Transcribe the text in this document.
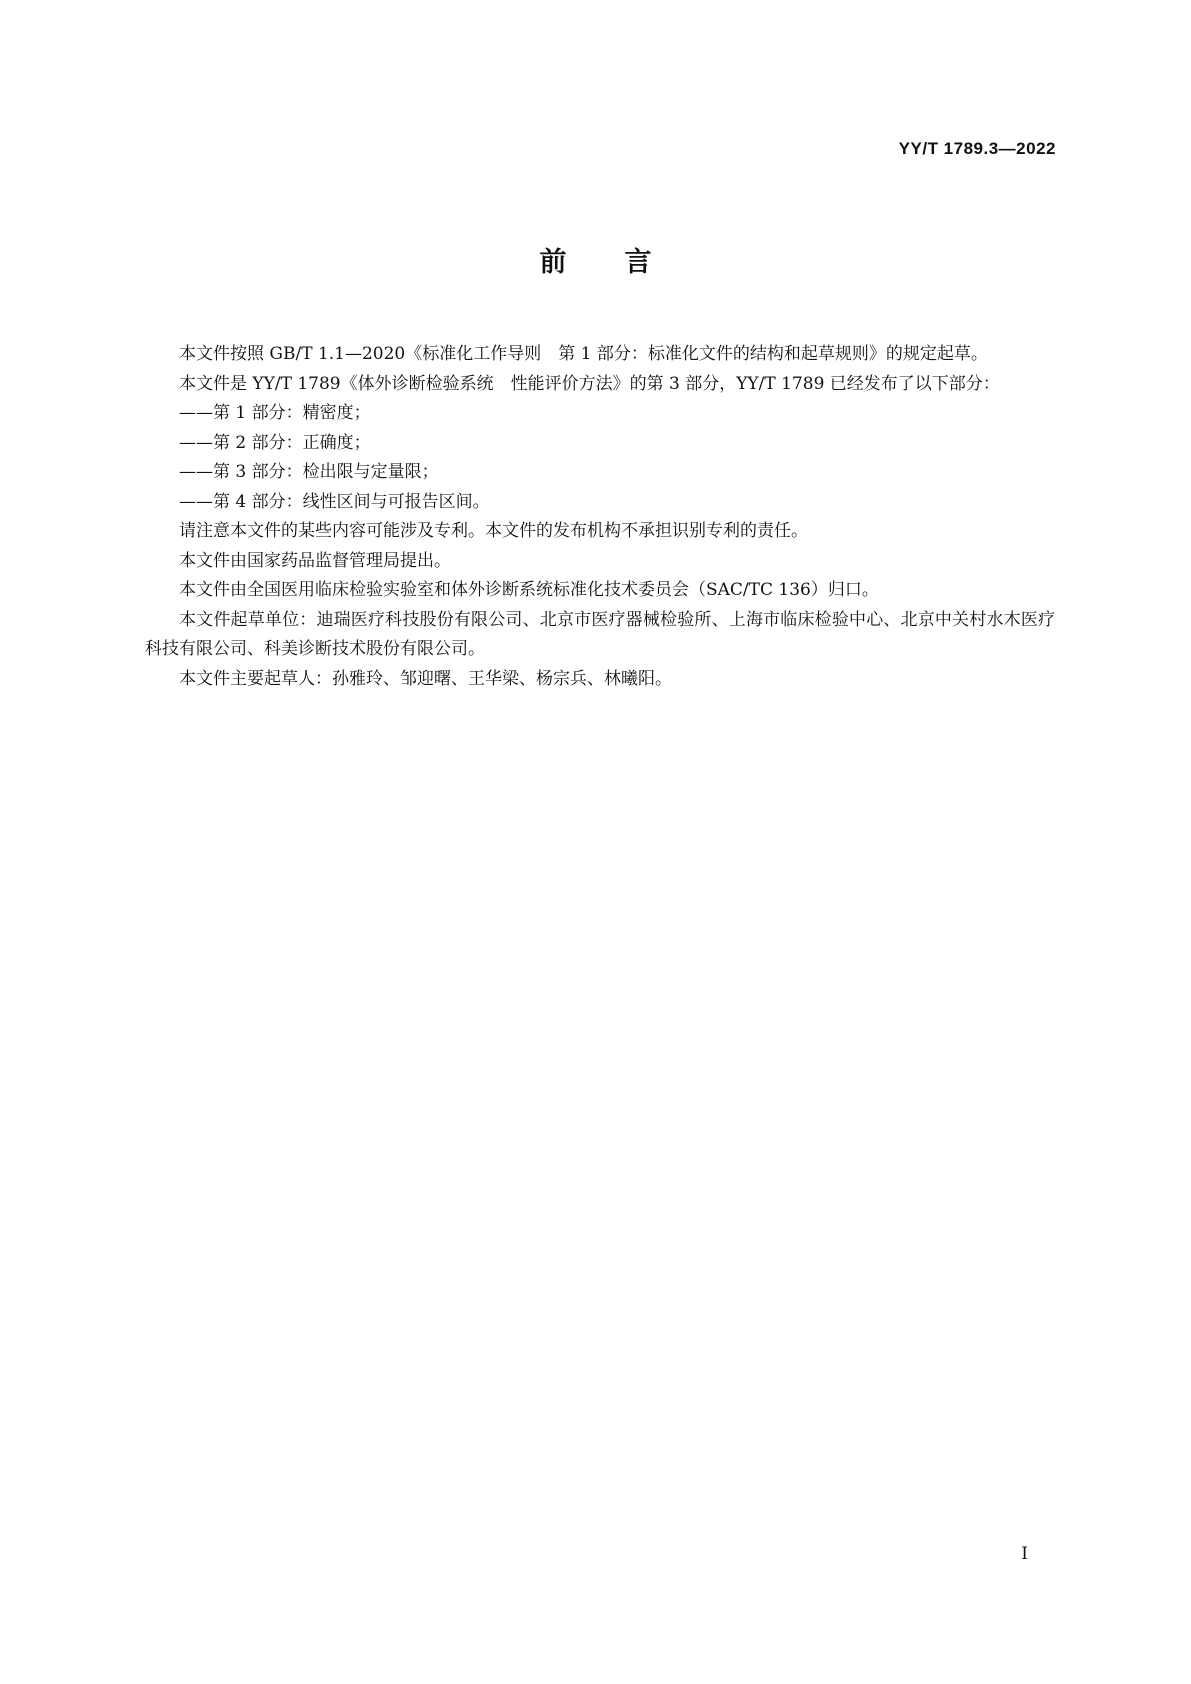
YY/T 1789.3—2022
前言

本文件按照 GB/T 1.1—2020《标准化工作导则　第 1 部分：标准化文件的结构和起草规则》的规定起草。

本文件是 YY/T 1789《体外诊断检验系统　性能评价方法》的第 3 部分，YY/T 1789 已经发布了以下部分：

——第 1 部分：精密度；

——第 2 部分：正确度；

——第 3 部分：检出限与定量限；

——第 4 部分：线性区间与可报告区间。

请注意本文件的某些内容可能涉及专利。本文件的发布机构不承担识别专利的责任。

本文件由国家药品监督管理局提出。

本文件由全国医用临床检验实验室和体外诊断系统标准化技术委员会（SAC/TC 136）归口。

本文件起草单位：迪瑞医疗科技股份有限公司、北京市医疗器械检验所、上海市临床检验中心、北京中关村水木医疗科技有限公司、科美诊断技术股份有限公司。

本文件主要起草人：孙雅玲、邹迎曙、王华梁、杨宗兵、林曦阳。

I
